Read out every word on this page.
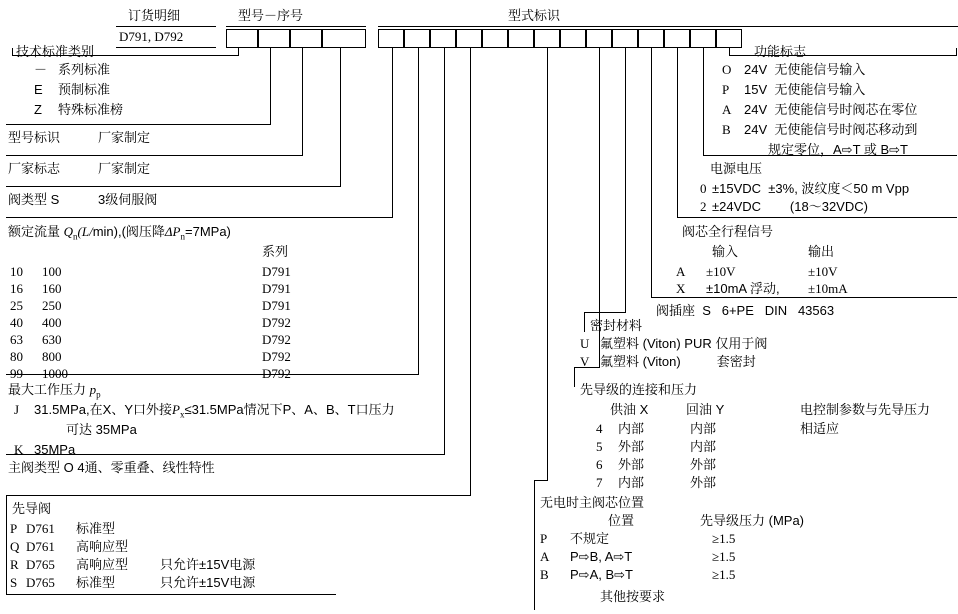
订货明细
D791, D792
型号－序号	型式标识
技术标准类别
－ 系列标准
E 预制标准
Z 特殊标准榜
型号标识	厂家制定
厂家标志	厂家制定
阀类型 S	3级伺服阀
额定流量 $Q_n(L/\min)$,(阀压降$\Delta P_n=7MPa$)
系列
10 100	D791
16 160	D791
25 250	D791
40 400	D792
63 630	D792
80 800	D792
99 1000	D792
最大工作压力 $p_p$
J 31.5MPa,在X、Y口外接$P_x\le 31.5MPa$情况下P、A、B、T口压力
可达 35MPa
K 35MPa
主阀类型 O 4通、零重叠、线性特性
先导阀
P D761 标准型
Q D761 高响应型
R D765 高响应型 只允许±15V电源
S D765 标准型	只允许±15V电源
功能标志
O 24V  无使能信号输入
P 15V  无使能信号输入
A 24V  无使能信号时阀芯在零位
B 24V  无使能信号时阀芯移动到
规定零位，A⇨T 或 B⇨T
电源电压
0 ±15VDC  ±3%, 波纹度＜50 m Vpp
2 ±24VDC        (18～32VDC)
阀芯全行程信号
输入	输出
A ±10V	±10V
X ±10mA 浮动, ±10mA
阀插座  S   6+PE   DIN   43563
密封材料
U 氟塑料 (Viton) PUR 仅用于阀
V 氟塑料 (Viton)          套密封
先导级的连接和压力
供油 X	回油 Y	电控制参数与先导压力
相适应
4 内部	内部
5 外部	内部
6 外部	外部
7 内部	外部
无电时主阀芯位置
位置	先导级压力 (MPa)
P 不规定	≥1.5
A P⇨B, A⇨T	≥1.5
B P⇨A, B⇨T	≥1.5
其他按要求
